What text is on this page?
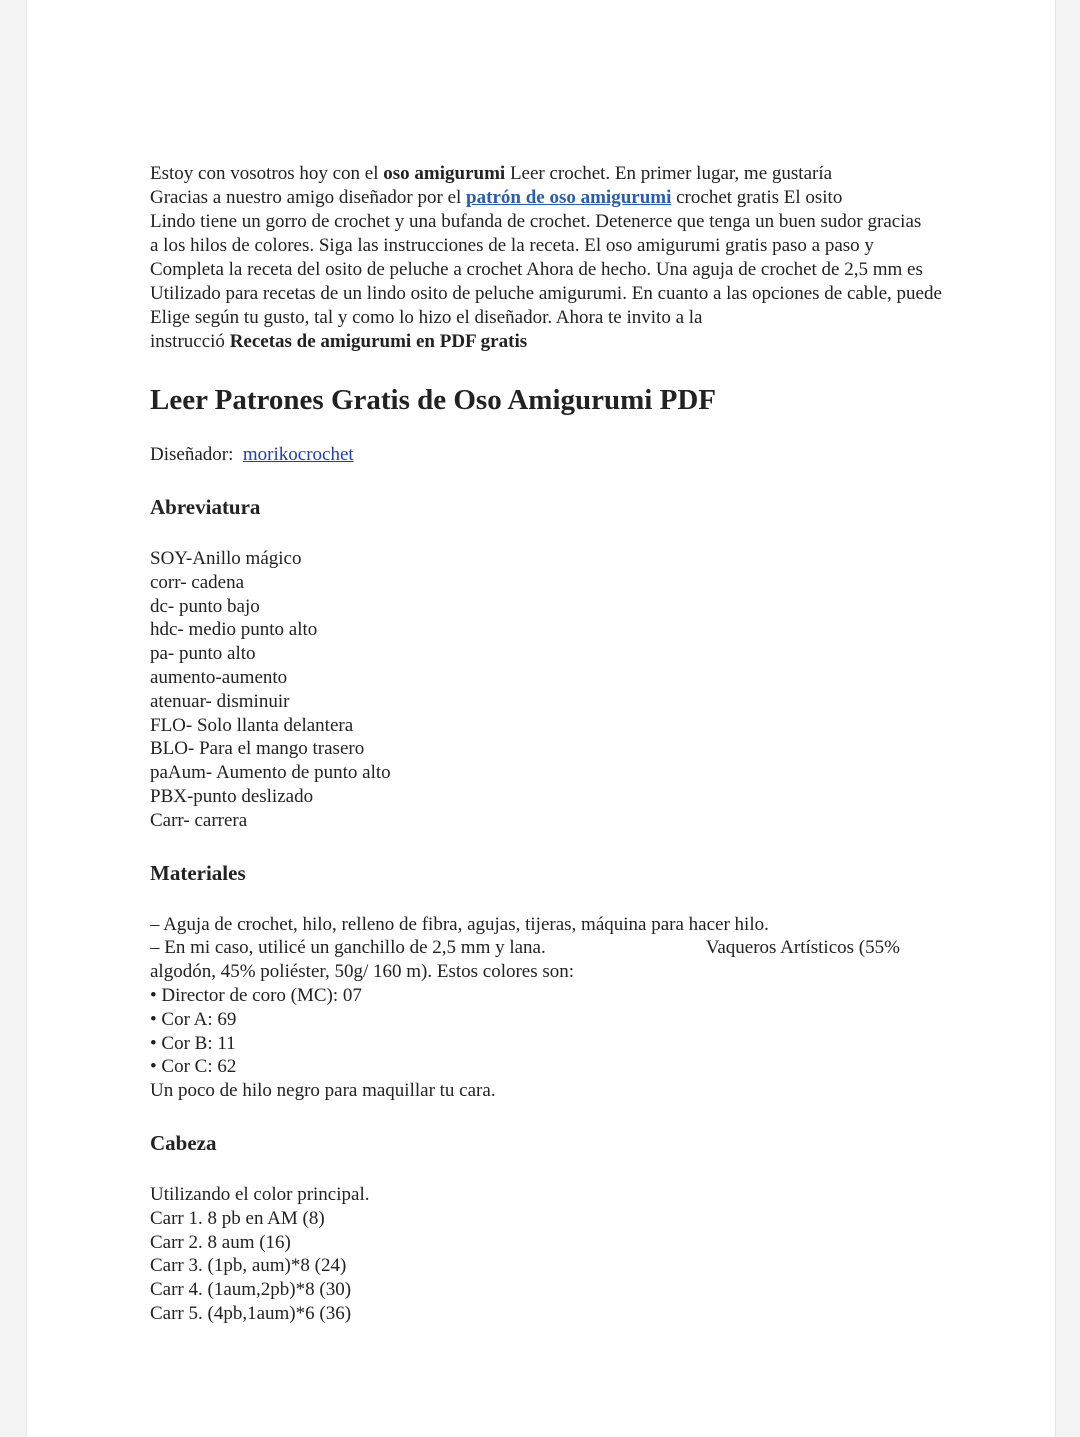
Estoy con vosotros hoy con el oso amigurumi Leer crochet. En primer lugar, me gustaría
Gracias a nuestro amigo diseñador por el patrón de oso amigurumi crochet gratis El osito
Lindo tiene un gorro de crochet y una bufanda de crochet. Detenerce que tenga un buen sudor gracias
a los hilos de colores. Siga las instrucciones de la receta. El oso amigurumi gratis paso a paso y
Completa la receta del osito de peluche a crochet Ahora de hecho. Una aguja de crochet de 2,5 mm es
Utilizado para recetas de un lindo osito de peluche amigurumi. En cuanto a las opciones de cable, puede
Elige según tu gusto, tal y como lo hizo el diseñador. Ahora te invito a la
instrucció Recetas de amigurumi en PDF gratis

Leer Patrones Gratis de Oso Amigurumi PDF
Diseñador: morikocrochet
Abreviatura
SOY-Anillo mágico
corr- cadena
dc- punto bajo
hdc- medio punto alto
pa- punto alto
aumento-aumento
atenuar- disminuir
FLO- Solo llanta delantera
BLO- Para el mango trasero
paAum- Aumento de punto alto
PBX-punto deslizado
Carr- carrera
Materiales
– Aguja de crochet, hilo, relleno de fibra, agujas, tijeras, máquina para hacer hilo.
– En mi caso, utilicé un ganchillo de 2,5 mm y lana.	Vaqueros Artísticos (55%
algodón, 45% poliéster, 50g/ 160 m). Estos colores son:
• Director de coro (MC): 07
• Cor A: 69
• Cor B: 11
• Cor C: 62
Un poco de hilo negro para maquillar tu cara.
Cabeza
Utilizando el color principal.
Carr 1. 8 pb en AM (8)
Carr 2. 8 aum (16)
Carr 3. (1pb, aum)*8 (24)
Carr 4. (1aum,2pb)*8 (30)
Carr 5. (4pb,1aum)*6 (36)
